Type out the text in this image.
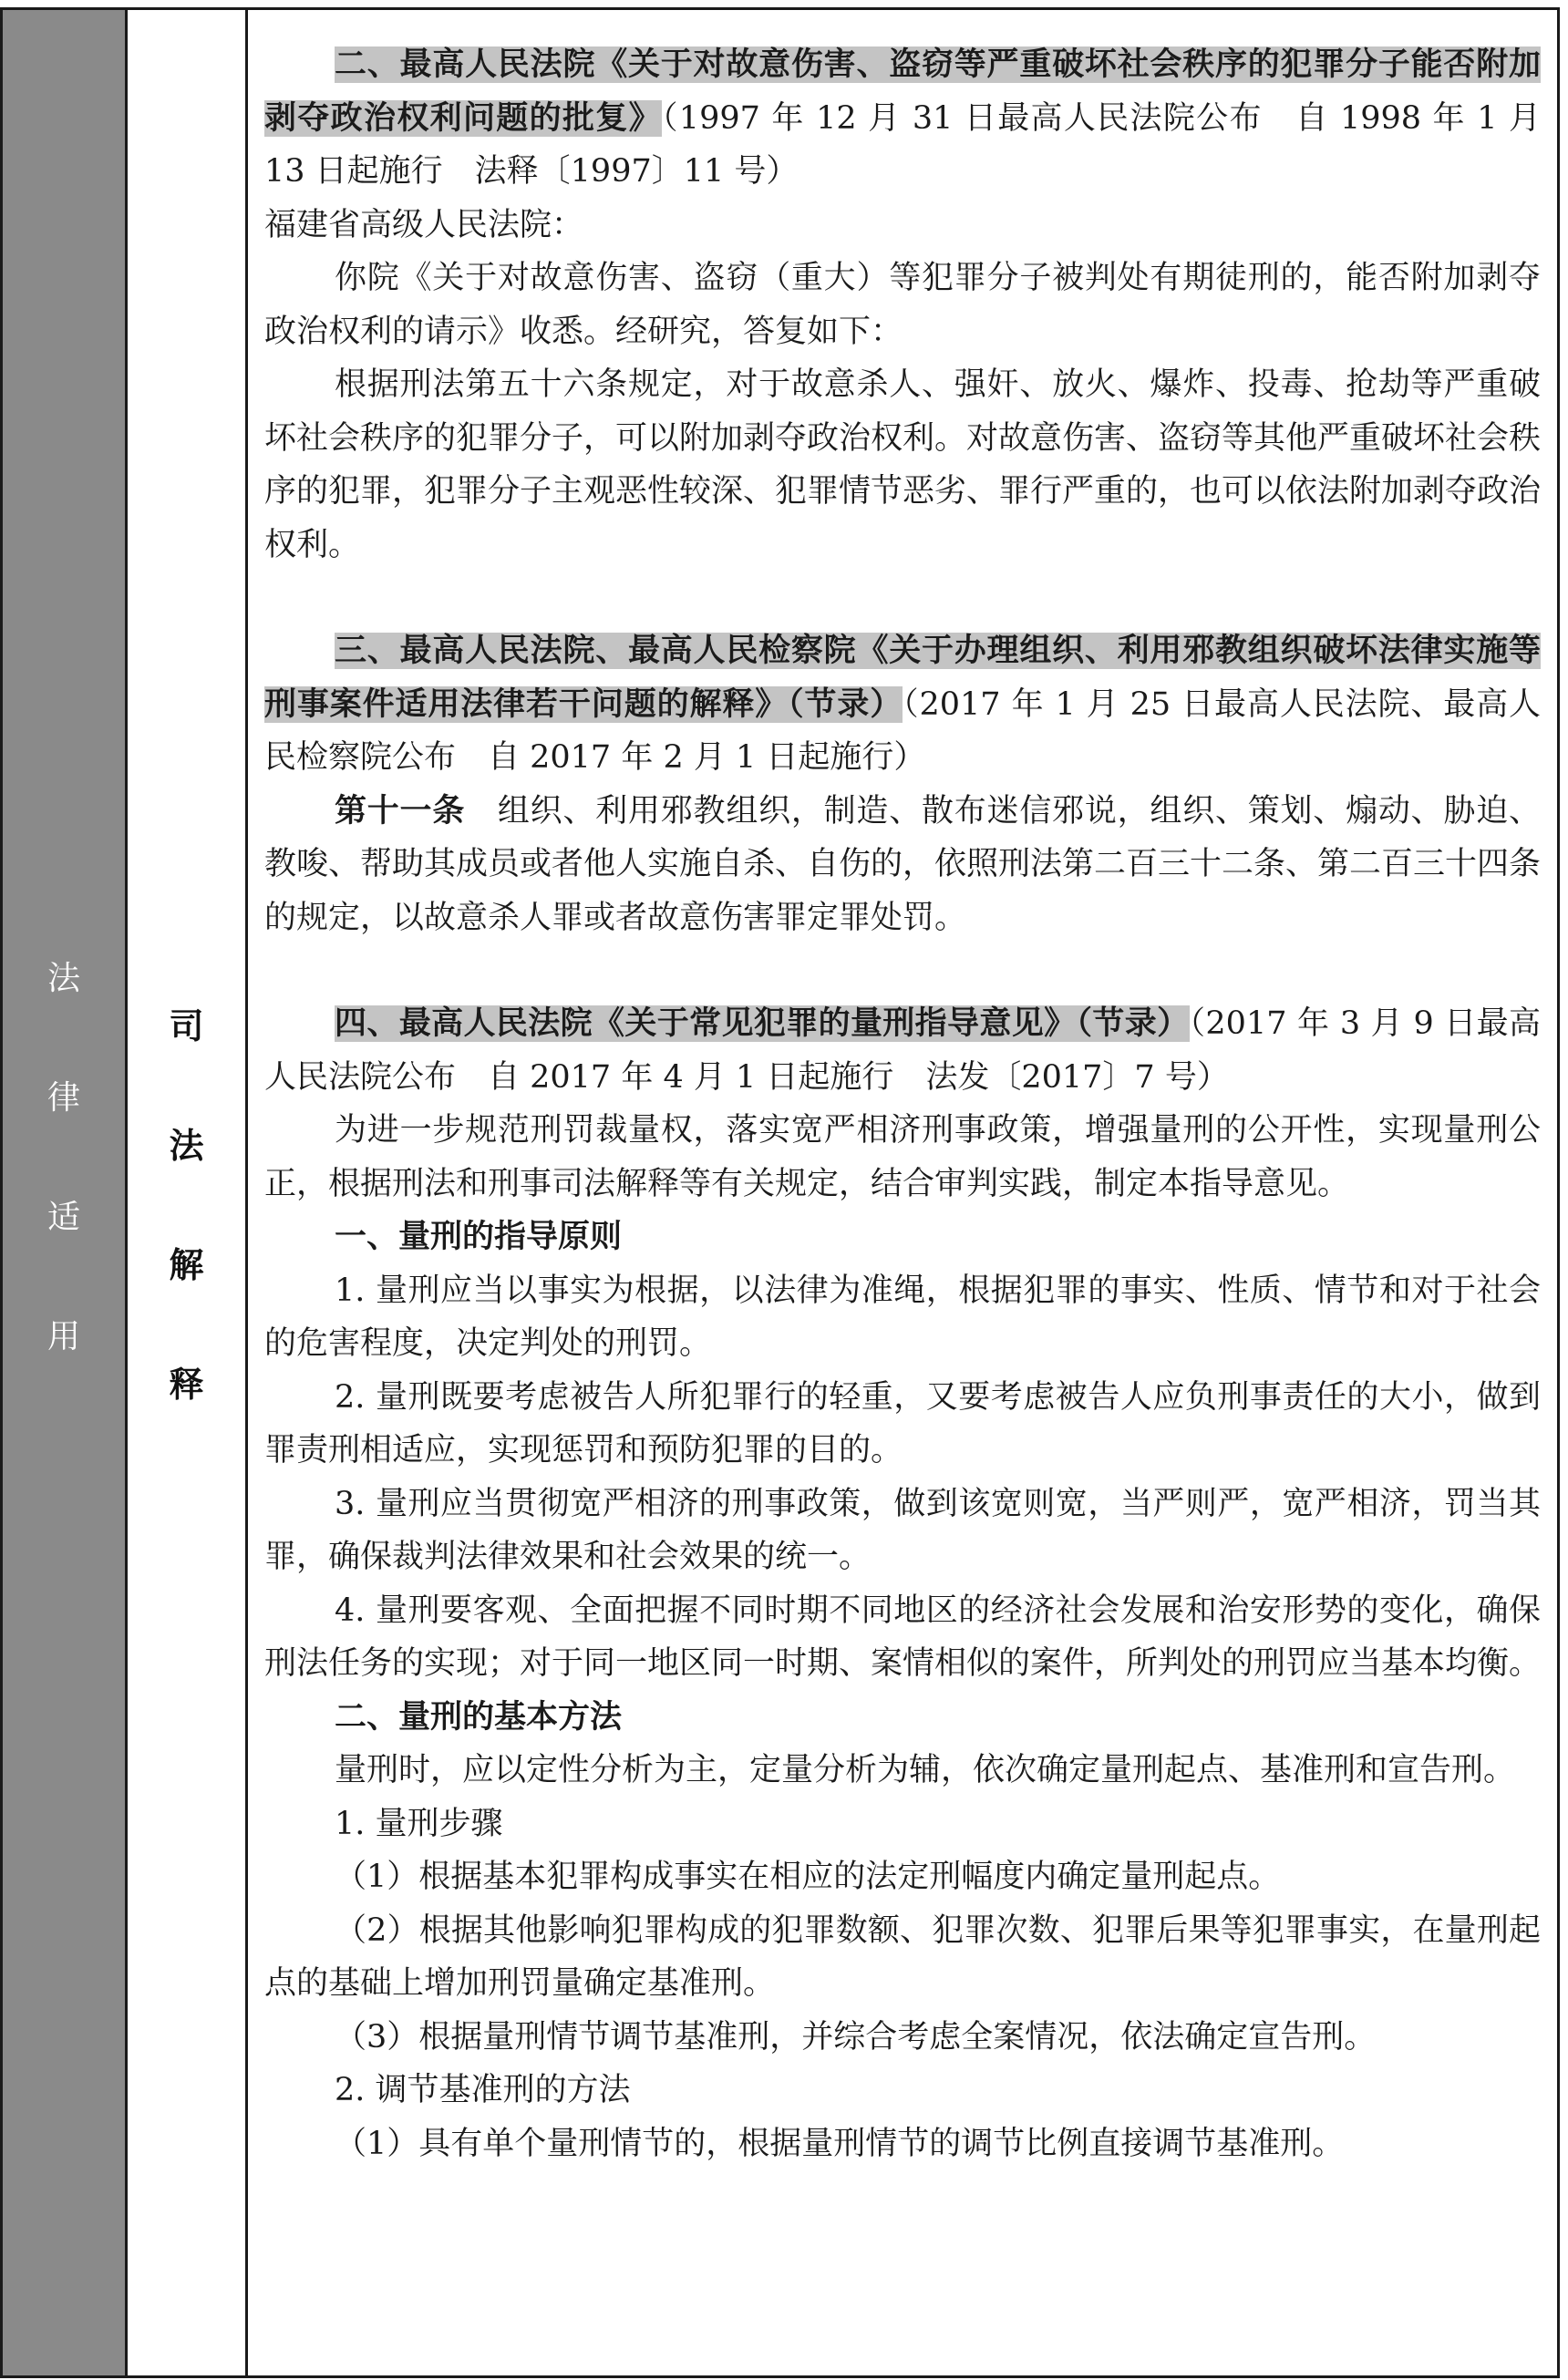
法
律
适
用
司
法
解
释

二、最高人民法院《关于对故意伤害、盗窃等严重破坏社会秩序的犯罪分子能否附加剥夺政治权利问题的批复》（1997 年 12 月 31 日最高人民法院公布　自 1998 年 1 月 13 日起施行　法释〔1997〕11 号）

福建省高级人民法院：

你院《关于对故意伤害、盗窃（重大）等犯罪分子被判处有期徒刑的，能否附加剥夺政治权利的请示》收悉。经研究，答复如下：

根据刑法第五十六条规定，对于故意杀人、强奸、放火、爆炸、投毒、抢劫等严重破坏社会秩序的犯罪分子，可以附加剥夺政治权利。对故意伤害、盗窃等其他严重破坏社会秩序的犯罪，犯罪分子主观恶性较深、犯罪情节恶劣、罪行严重的，也可以依法附加剥夺政治权利。

三、最高人民法院、最高人民检察院《关于办理组织、利用邪教组织破坏法律实施等刑事案件适用法律若干问题的解释》（节录）（2017 年 1 月 25 日最高人民法院、最高人民检察院公布　自 2017 年 2 月 1 日起施行）

第十一条　组织、利用邪教组织，制造、散布迷信邪说，组织、策划、煽动、胁迫、教唆、帮助其成员或者他人实施自杀、自伤的，依照刑法第二百三十二条、第二百三十四条的规定，以故意杀人罪或者故意伤害罪定罪处罚。

四、最高人民法院《关于常见犯罪的量刑指导意见》（节录）（2017 年 3 月 9 日最高人民法院公布　自 2017 年 4 月 1 日起施行　法发〔2017〕7 号）

为进一步规范刑罚裁量权，落实宽严相济刑事政策，增强量刑的公开性，实现量刑公正，根据刑法和刑事司法解释等有关规定，结合审判实践，制定本指导意见。

一、量刑的指导原则

1. 量刑应当以事实为根据，以法律为准绳，根据犯罪的事实、性质、情节和对于社会的危害程度，决定判处的刑罚。

2. 量刑既要考虑被告人所犯罪行的轻重，又要考虑被告人应负刑事责任的大小，做到罪责刑相适应，实现惩罚和预防犯罪的目的。

3. 量刑应当贯彻宽严相济的刑事政策，做到该宽则宽，当严则严，宽严相济，罚当其罪，确保裁判法律效果和社会效果的统一。

4. 量刑要客观、全面把握不同时期不同地区的经济社会发展和治安形势的变化，确保刑法任务的实现；对于同一地区同一时期、案情相似的案件，所判处的刑罚应当基本均衡。

二、量刑的基本方法

量刑时，应以定性分析为主，定量分析为辅，依次确定量刑起点、基准刑和宣告刑。

1. 量刑步骤

（1）根据基本犯罪构成事实在相应的法定刑幅度内确定量刑起点。

（2）根据其他影响犯罪构成的犯罪数额、犯罪次数、犯罪后果等犯罪事实，在量刑起点的基础上增加刑罚量确定基准刑。

（3）根据量刑情节调节基准刑，并综合考虑全案情况，依法确定宣告刑。

2. 调节基准刑的方法

（1）具有单个量刑情节的，根据量刑情节的调节比例直接调节基准刑。
